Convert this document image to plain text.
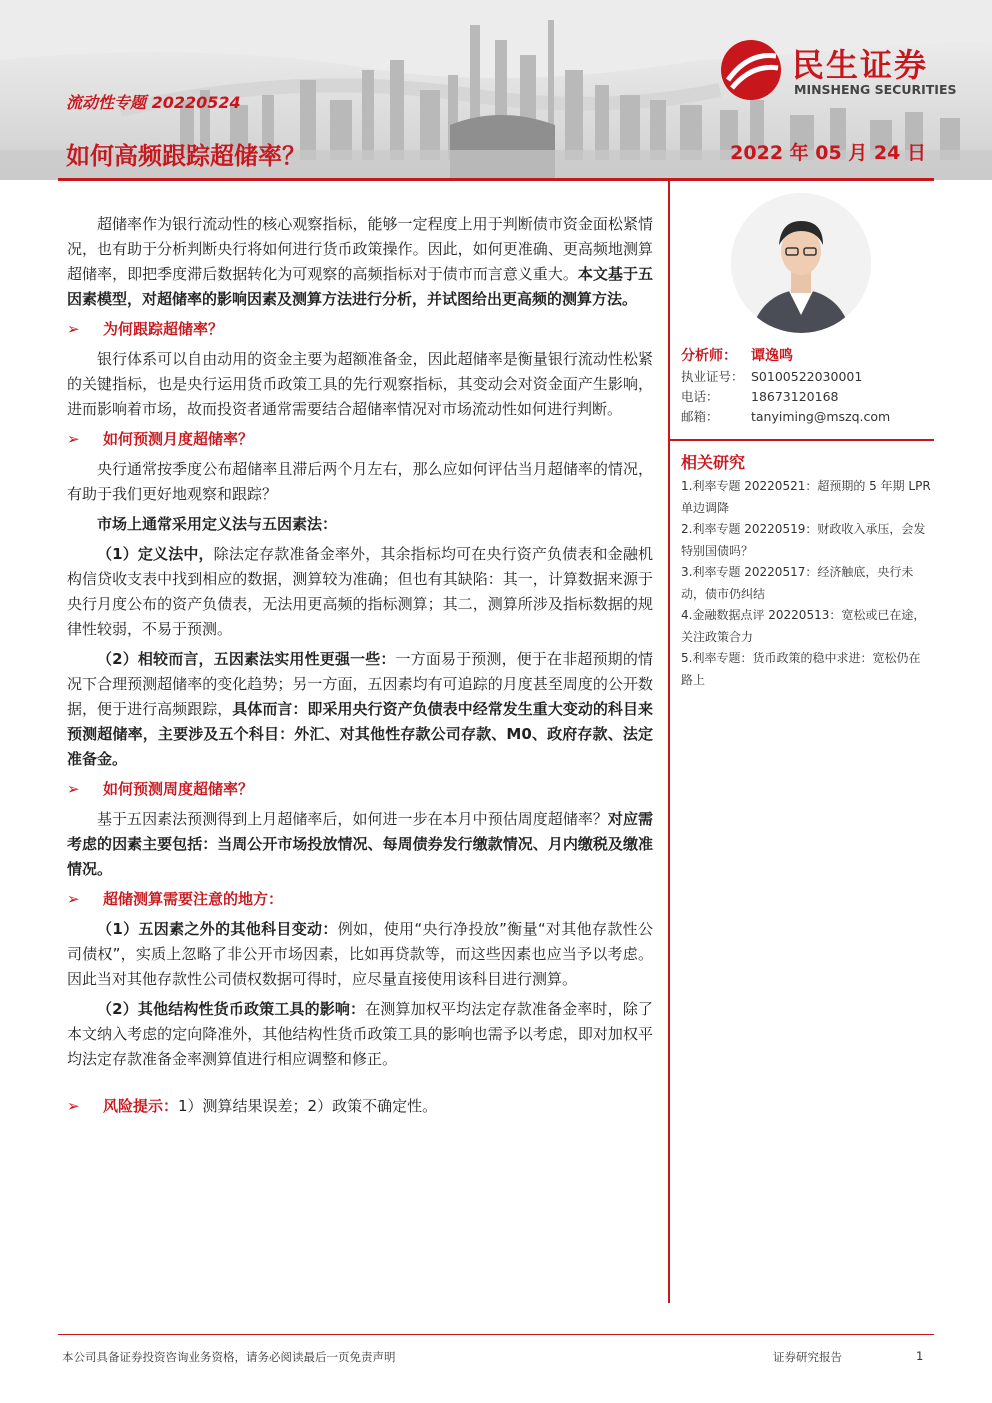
流动性专题 20220524
如何高频跟踪超储率？	2022 年 05 月 24 日
民生证券
MINSHENG SECURITIES

超储率作为银行流动性的核心观察指标，能够一定程度上用于判断债市资金面松紧情况，也有助于分析判断央行将如何进行货币政策操作。因此，如何更准确、更高频地测算超储率，即把季度滞后数据转化为可观察的高频指标对于债市而言意义重大。本文基于五因素模型，对超储率的影响因素及测算方法进行分析，并试图给出更高频的测算方法。

➢ 为何跟踪超储率？

银行体系可以自由动用的资金主要为超额准备金，因此超储率是衡量银行流动性松紧的关键指标，也是央行运用货币政策工具的先行观察指标，其变动会对资金面产生影响，进而影响着市场，故而投资者通常需要结合超储率情况对市场流动性如何进行判断。

➢ 如何预测月度超储率？

央行通常按季度公布超储率且滞后两个月左右，那么应如何评估当月超储率的情况，有助于我们更好地观察和跟踪？

市场上通常采用定义法与五因素法：

（1）定义法中，除法定存款准备金率外，其余指标均可在央行资产负债表和金融机构信贷收支表中找到相应的数据，测算较为准确；但也有其缺陷：其一，计算数据来源于央行月度公布的资产负债表，无法用更高频的指标测算；其二，测算所涉及指标数据的规律性较弱，不易于预测。

（2）相较而言，五因素法实用性更强一些：一方面易于预测，便于在非超预期的情况下合理预测超储率的变化趋势；另一方面，五因素均有可追踪的月度甚至周度的公开数据，便于进行高频跟踪，具体而言：即采用央行资产负债表中经常发生重大变动的科目来预测超储率，主要涉及五个科目：外汇、对其他性存款公司存款、M0、政府存款、法定准备金。

➢ 如何预测周度超储率？

基于五因素法预测得到上月超储率后，如何进一步在本月中预估周度超储率？对应需考虑的因素主要包括：当周公开市场投放情况、每周债券发行缴款情况、月内缴税及缴准情况。

➢ 超储测算需要注意的地方：

（1）五因素之外的其他科目变动：例如，使用“央行净投放”衡量“对其他存款性公司债权”，实质上忽略了非公开市场因素，比如再贷款等，而这些因素也应当予以考虑。因此当对其他存款性公司债权数据可得时，应尽量直接使用该科目进行测算。

（2）其他结构性货币政策工具的影响：在测算加权平均法定存款准备金率时，除了本文纳入考虑的定向降准外，其他结构性货币政策工具的影响也需予以考虑，即对加权平均法定存款准备金率测算值进行相应调整和修正。

➢ 风险提示：1）测算结果误差；2）政策不确定性。
分析师： 谭逸鸣
执业证号： S0100522030001
电话：	18673120168
邮箱：	tanyiming@mszq.com
相关研究
1.利率专题 20220521：超预期的 5 年期 LPR 单边调降
2.利率专题 20220519：财政收入承压，会发特别国债吗？
3.利率专题 20220517：经济触底，央行未动，债市仍纠结
4.金融数据点评 20220513：宽松或已在途，关注政策合力
5.利率专题：货币政策的稳中求进：宽松仍在路上
本公司具备证券投资咨询业务资格，请务必阅读最后一页免责声明	证券研究报告	1
